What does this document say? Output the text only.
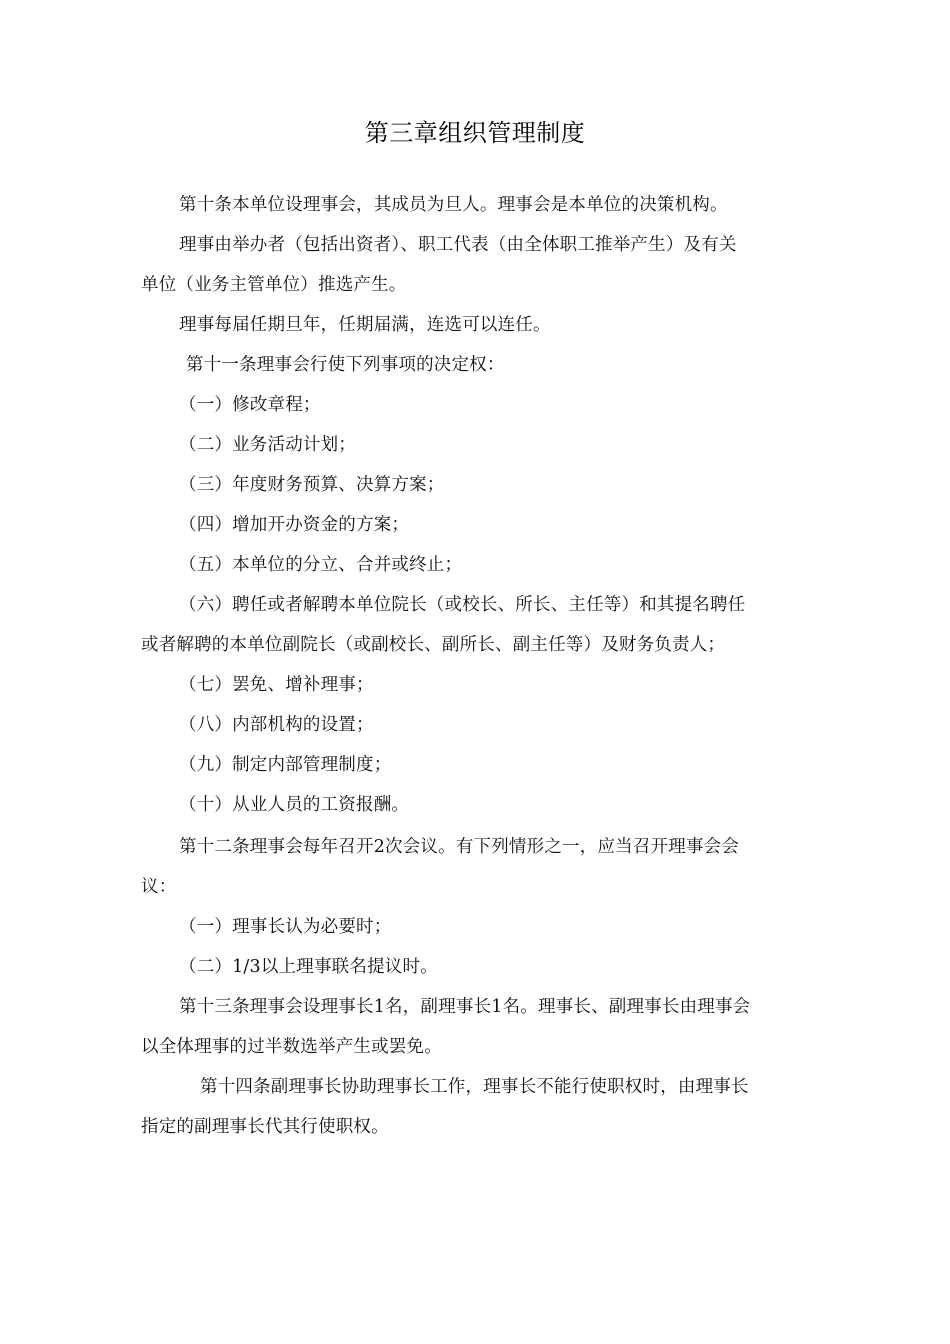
第三章组织管理制度
第十条本单位设理事会，其成员为旦人。理事会是本单位的决策机构。
理事由举办者（包括出资者）、职工代表（由全体职工推举产生）及有关
单位（业务主管单位）推选产生。
理事每届任期旦年，任期届满，连选可以连任。
第十一条理事会行使下列事项的决定权：
（一）修改章程；
（二）业务活动计划；
（三）年度财务预算、决算方案；
（四）增加开办资金的方案；
（五）本单位的分立、合并或终止；
（六）聘任或者解聘本单位院长（或校长、所长、主任等）和其提名聘任
或者解聘的本单位副院长（或副校长、副所长、副主任等）及财务负责人；
（七）罢免、增补理事；
（八）内部机构的设置；
（九）制定内部管理制度；
（十）从业人员的工资报酬。
第十二条理事会每年召开2次会议。有下列情形之一，应当召开理事会会
议：
（一）理事长认为必要时；
（二）1/3以上理事联名提议时。
第十三条理事会设理事长1名，副理事长1名。理事长、副理事长由理事会
以全体理事的过半数选举产生或罢免。
第十四条副理事长协助理事长工作，理事长不能行使职权时，由理事长
指定的副理事长代其行使职权。
